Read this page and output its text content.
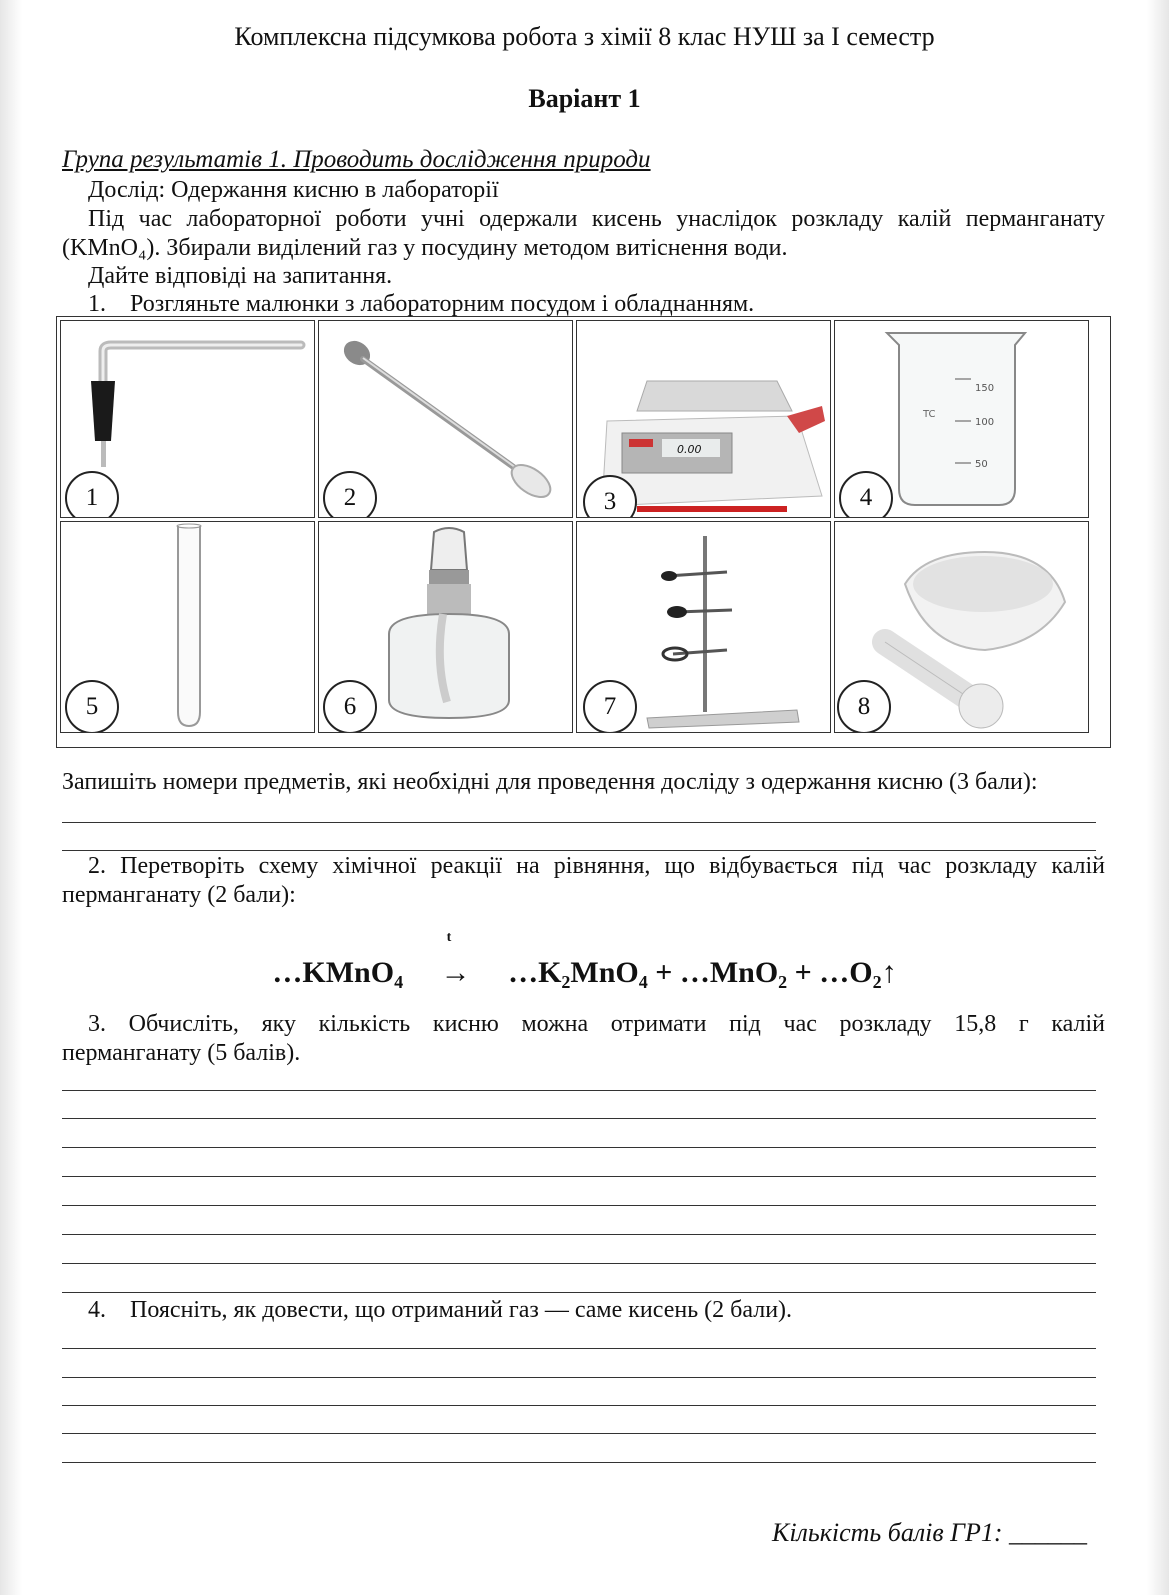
Комплексна підсумкова робота з хімії 8 клас НУШ за І семестр
Варіант 1
Група результатів 1. Проводить дослідження природи
Дослід: Одержання кисню в лабораторії
Під час лабораторної роботи учні одержали кисень унаслідок розкладу калій перманганату
(KMnO₄). Збирали виділений газ у посудину методом витіснення води.
Дайте відповіді на запитання.
1. Розгляньте малюнки з лабораторним посудом і обладнанням.
1	2
0.00
3
150
100
50
TC
4
5	6	7	8
Запишіть номери предметів, які необхідні для проведення досліду з одержання кисню (3 бали):
2. Перетворіть схему хімічної реакції на рівняння, що відбувається під час розкладу калій
перманганату (2 бали):
…KMnO₄
t
→ …K₂MnO₄ + …MnO₂ + …O₂↑
3. Обчисліть, яку кількість кисню можна отримати під час розкладу 15,8 г калій
перманганату (5 балів).
4. Поясніть, як довести, що отриманий газ — саме кисень (2 бали).
Кількість балів ГР1: ______
